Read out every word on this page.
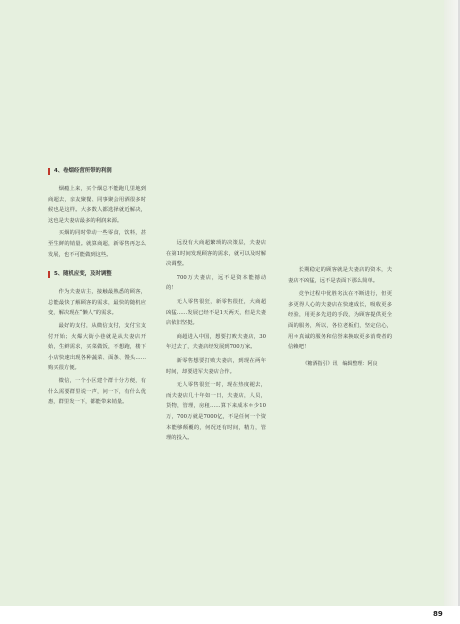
4、卷烟经营所带的利润

烟瘾上来，买个烟总不能跑几里地到商超去，亲友聚餐、同事聚会用酒很多时候也是这样。大多数人都选择就近解决，这也是夫妻店最多的利润来源。

买烟的同时带动一些零食，饮料，甚至生鲜的销量。就算商超，新零售再怎么发展，也不可能做到这些。

5、随机应变，及时调整

作为夫妻店主，接触最熟悉的顾客，总能最快了解顾客的需求，最快的随机应变，解决现在“懒人”的需求。

最好的支付，从微信支付，支付宝支付开始；火爆大街小巷就是从夫妻店开始，生鲜需求，买菜做饭，不想跑，楼下小店快速出现各种蔬菜、面条、馒头……购买很方便。

微信，一个小区建个群十分方便，有什么需要群里说一声，问一下，有什么优惠，群里发一下，都能带来销量。

远没有大商超繁琐的决策层，夫妻店在第1时间发现顾客的需求，就可以及时解决调整。

700万夫妻店，远不是资本能撼动的！

无人零售很狂，新零售很狂，大商超凶猛……发展已经不是1天两天，但是夫妻店依旧坚挺。

商超进入中国，想要打败夫妻店，30年过去了，夫妻店经发展到700万家。

新零售想要打败夫妻店，到现在两年时间，却要进军夫妻店合作。

无人零售很狂一时，现在热度褪去，而夫妻店几十年如一日，夫妻店，人员，货物，管理，房租……算下来成本＊少10万，700万就是7000亿，不是任何一个资本能够颠覆的，何况还有时间，精力，管理的投入。

长期稳定的顾客就是夫妻店的资本，夫妻店不凶猛，远不是表面下那么简单。

竞争过程中优胜劣汰在不断进行，但更多更得人心的夫妻店在快速成长，吸收更多经验，用更多先进的手段，为顾客提供更全面的服务，所以，各位老板们，坚定信心，用＊真诚的服务和信誉来换取更多消费者的信赖吧！

《糖酒指引》讯　编辑整理：阿良

89
